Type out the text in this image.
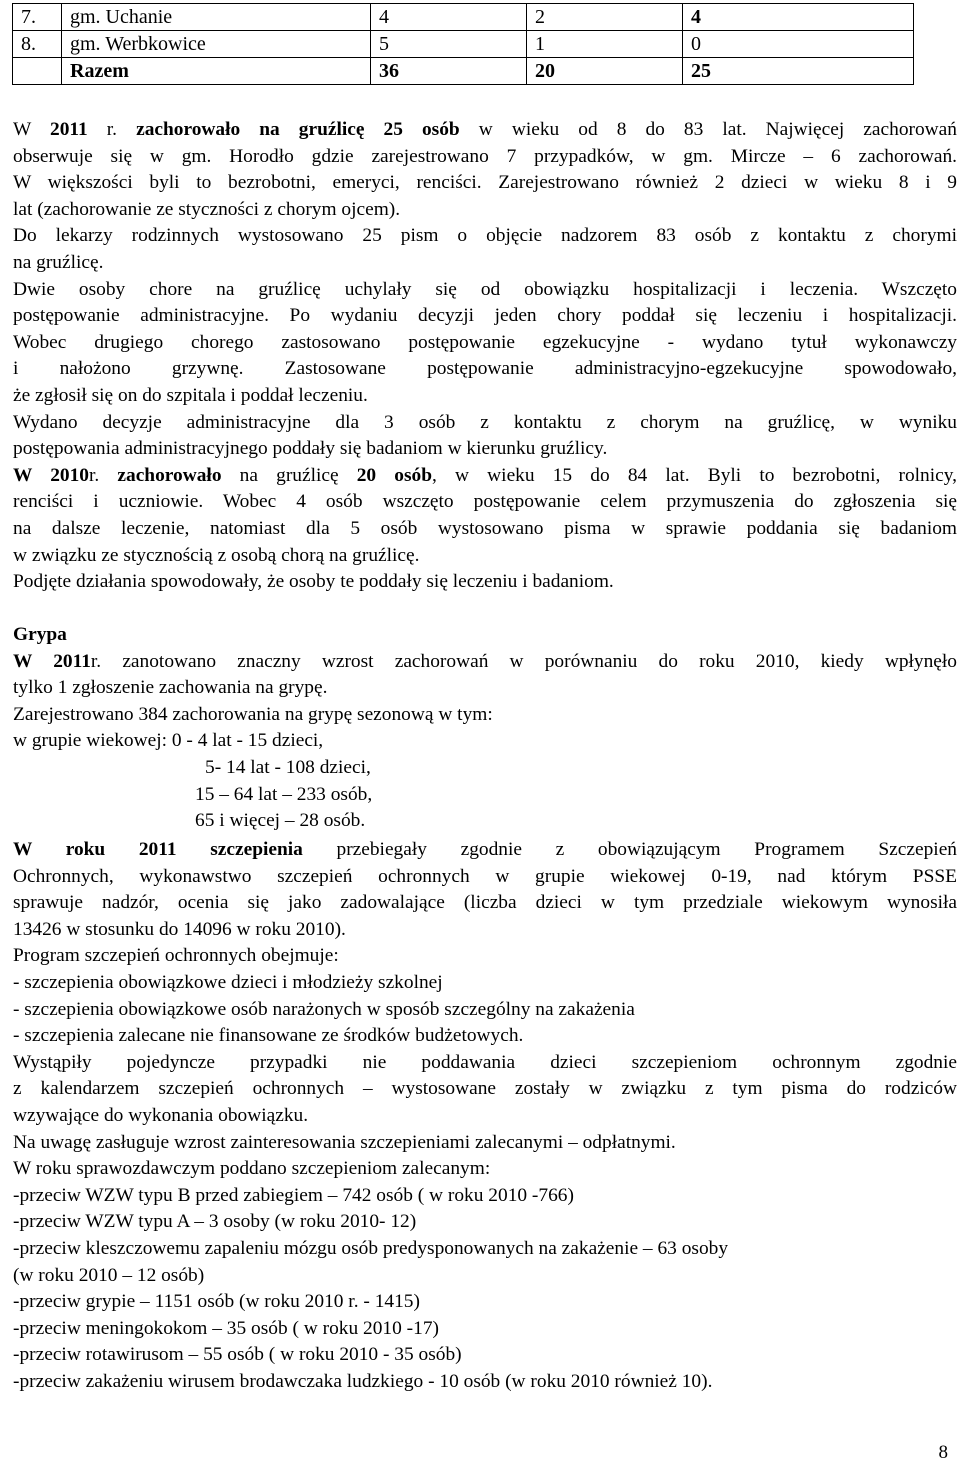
7.	gm. Uchanie	4	2	4
8.	gm. Werbkowice	5	1	0
	Razem	36	20	25
W 2011 r. zachorowało na gruźlicę 25 osób w wieku od 8 do 83 lat. Najwięcej zachorowań
obserwuje się w gm. Horodło gdzie zarejestrowano 7 przypadków, w gm. Mircze – 6 zachorowań.
W większości byli to bezrobotni, emeryci, renciści. Zarejestrowano również 2 dzieci w wieku 8 i 9
lat (zachorowanie ze styczności z chorym ojcem).
Do lekarzy rodzinnych wystosowano 25 pism o objęcie nadzorem 83 osób z kontaktu z chorymi
na gruźlicę.
Dwie osoby chore na gruźlicę uchylały się od obowiązku hospitalizacji i leczenia. Wszczęto
postępowanie administracyjne. Po wydaniu decyzji jeden chory poddał się leczeniu i hospitalizacji.
Wobec drugiego chorego zastosowano postępowanie egzekucyjne - wydano tytuł wykonawczy
i nałożono grzywnę. Zastosowane postępowanie administracyjno-egzekucyjne spowodowało,
że zgłosił się on do szpitala i poddał leczeniu.
Wydano decyzje administracyjne dla 3 osób z kontaktu z chorym na gruźlicę, w wyniku
postępowania administracyjnego poddały się badaniom w kierunku gruźlicy.
W 2010r. zachorowało na gruźlicę 20 osób, w wieku 15 do 84 lat. Byli to bezrobotni, rolnicy,
renciści i uczniowie. Wobec 4 osób wszczęto postępowanie celem przymuszenia do zgłoszenia się
na dalsze leczenie, natomiast dla 5 osób wystosowano pisma w sprawie poddania się badaniom
w związku ze stycznością z osobą chorą na gruźlicę.
Podjęte działania spowodowały, że osoby te poddały się leczeniu i badaniom.
Grypa
W 2011r. zanotowano znaczny wzrost zachorowań w porównaniu do roku 2010, kiedy wpłynęło
tylko 1 zgłoszenie zachowania na grypę.
Zarejestrowano 384 zachorowania na grypę sezonową w tym:
w grupie wiekowej: 0 - 4 lat - 15 dzieci,
5- 14 lat - 108 dzieci,
15 – 64 lat – 233 osób,
65 i więcej – 28 osób.
W roku 2011 szczepienia przebiegały zgodnie z obowiązującym Programem Szczepień
Ochronnych, wykonawstwo szczepień ochronnych w grupie wiekowej 0-19, nad którym PSSE
sprawuje nadzór, ocenia się jako zadowalające (liczba dzieci w tym przedziale wiekowym wynosiła
13426 w stosunku do 14096 w roku 2010).
Program szczepień ochronnych obejmuje:
- szczepienia obowiązkowe dzieci i młodzieży szkolnej
- szczepienia obowiązkowe osób narażonych w sposób szczególny na zakażenia
- szczepienia zalecane nie finansowane ze środków budżetowych.
Wystąpiły pojedyncze przypadki nie poddawania dzieci szczepieniom ochronnym zgodnie
z kalendarzem szczepień ochronnych – wystosowane zostały w związku z tym pisma do rodziców
wzywające do wykonania obowiązku.
Na uwagę zasługuje wzrost zainteresowania szczepieniami zalecanymi – odpłatnymi.
W roku sprawozdawczym poddano szczepieniom zalecanym:
-przeciw WZW typu B przed zabiegiem – 742 osób ( w roku 2010 -766)
-przeciw WZW typu A – 3 osoby (w roku 2010- 12)
-przeciw kleszczowemu zapaleniu mózgu osób predysponowanych na zakażenie – 63 osoby
(w roku 2010 – 12 osób)
-przeciw grypie – 1151 osób (w roku 2010 r. - 1415)
-przeciw meningokokom – 35 osób ( w roku 2010 -17)
-przeciw rotawirusom – 55 osób ( w roku 2010 - 35 osób)
-przeciw zakażeniu wirusem brodawczaka ludzkiego - 10 osób (w roku 2010 również 10).
8
